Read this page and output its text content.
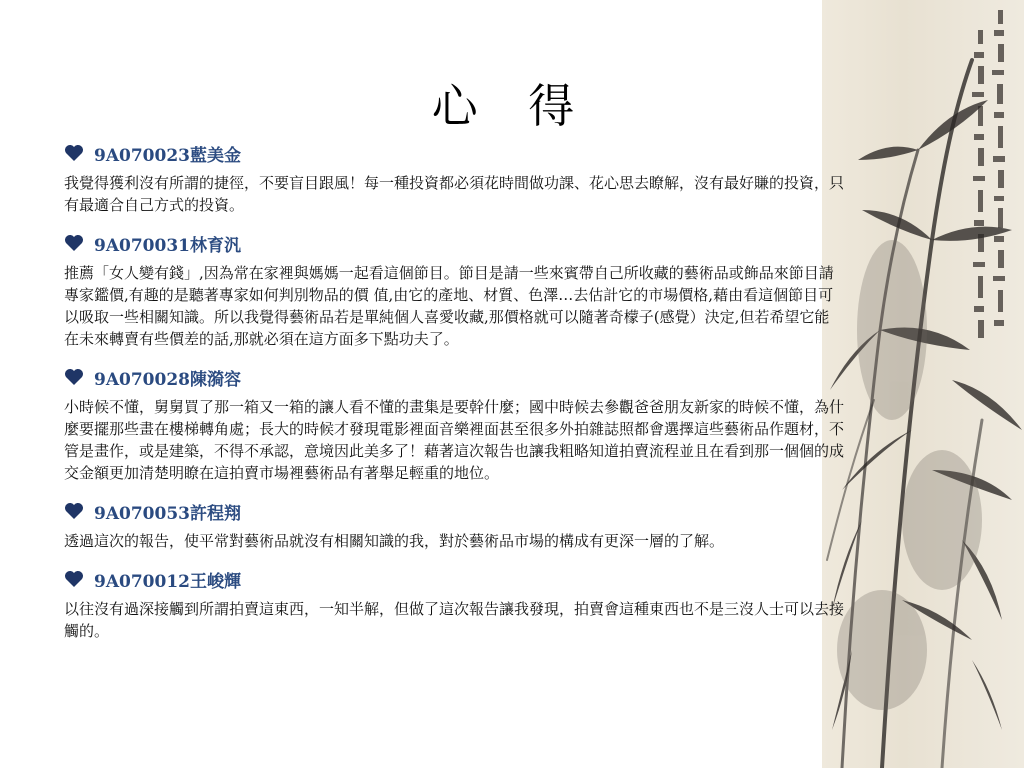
心 得
9A070023藍美金
我覺得獲利沒有所謂的捷徑，不要盲目跟風！每一種投資都必須花時間做功課、花心思去瞭解，沒有最好賺的投資，只有最適合自己方式的投資。
9A070031林育汎
推薦「女人變有錢」,因為常在家裡與媽媽一起看這個節目。節目是請一些來賓帶自己所收藏的藝術品或飾品來節目請專家鑑價,有趣的是聽著專家如何判別物品的價 值,由它的產地、材質、色澤…去估計它的市場價格,藉由看這個節目可以吸取一些相關知識。所以我覺得藝術品若是單純個人喜愛收藏,那價格就可以隨著奇檬子(感覺）決定,但若希望它能在未來轉賣有些價差的話,那就必須在這方面多下點功夫了。
9A070028陳漪容
小時候不懂，舅舅買了那一箱又一箱的讓人看不懂的畫集是要幹什麼；國中時候去參觀爸爸朋友新家的時候不懂，為什麼要擺那些畫在樓梯轉角處；長大的時候才發現電影裡面音樂裡面甚至很多外拍雜誌照都會選擇這些藝術品作題材，不管是畫作，或是建築，不得不承認，意境因此美多了！藉著這次報告也讓我粗略知道拍賣流程並且在看到那一個個的成交金額更加清楚明瞭在這拍賣市場裡藝術品有著舉足輕重的地位。
9A070053許程翔
透過這次的報告，使平常對藝術品就沒有相關知識的我，對於藝術品市場的構成有更深一層的了解。
9A070012王峻輝
以往沒有過深接觸到所謂拍賣這東西，一知半解，但做了這次報告讓我發現，拍賣會這種東西也不是三沒人士可以去接觸的。
